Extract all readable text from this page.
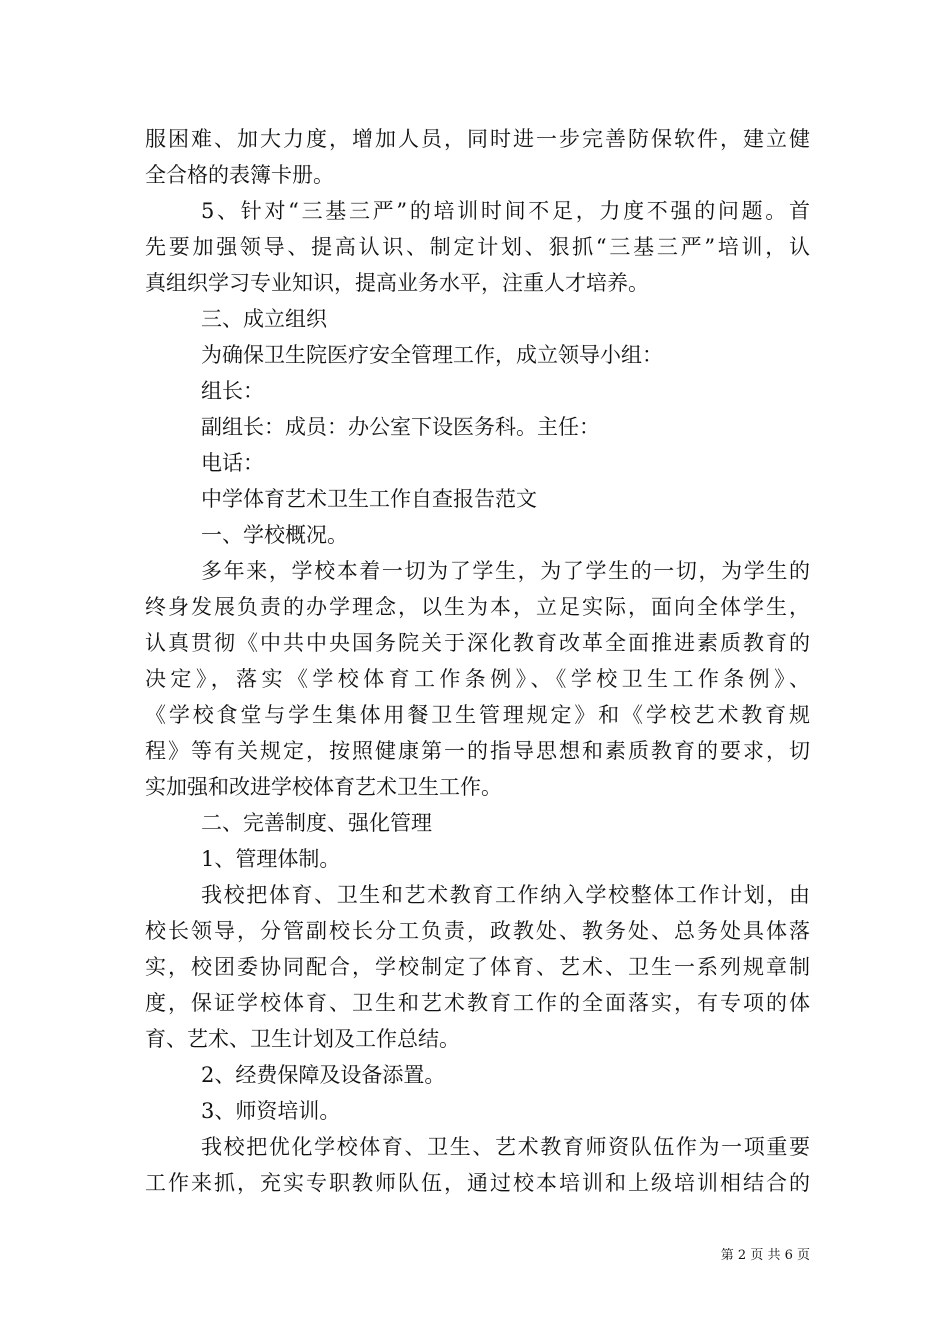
服困难、加大力度，增加人员，同时进一步完善防保软件，建立健
全合格的表簿卡册。
5、针对“三基三严”的培训时间不足，力度不强的问题。首
先要加强领导、提高认识、制定计划、狠抓“三基三严”培训，认
真组织学习专业知识，提高业务水平，注重人才培养。
三、成立组织
为确保卫生院医疗安全管理工作，成立领导小组：
组长：
副组长：成员：办公室下设医务科。主任：
电话：
中学体育艺术卫生工作自查报告范文
一、学校概况。
多年来，学校本着一切为了学生，为了学生的一切，为学生的
终身发展负责的办学理念，以生为本，立足实际，面向全体学生，
认真贯彻《中共中央国务院关于深化教育改革全面推进素质教育的
决定》，落实《学校体育工作条例》、《学校卫生工作条例》、
《学校食堂与学生集体用餐卫生管理规定》和《学校艺术教育规
程》等有关规定，按照健康第一的指导思想和素质教育的要求，切
实加强和改进学校体育艺术卫生工作。
二、完善制度、强化管理
1、管理体制。
我校把体育、卫生和艺术教育工作纳入学校整体工作计划，由
校长领导，分管副校长分工负责，政教处、教务处、总务处具体落
实，校团委协同配合，学校制定了体育、艺术、卫生一系列规章制
度，保证学校体育、卫生和艺术教育工作的全面落实，有专项的体
育、艺术、卫生计划及工作总结。
2、经费保障及设备添置。
3、师资培训。
我校把优化学校体育、卫生、艺术教育师资队伍作为一项重要
工作来抓，充实专职教师队伍，通过校本培训和上级培训相结合的
第 2 页 共 6 页
